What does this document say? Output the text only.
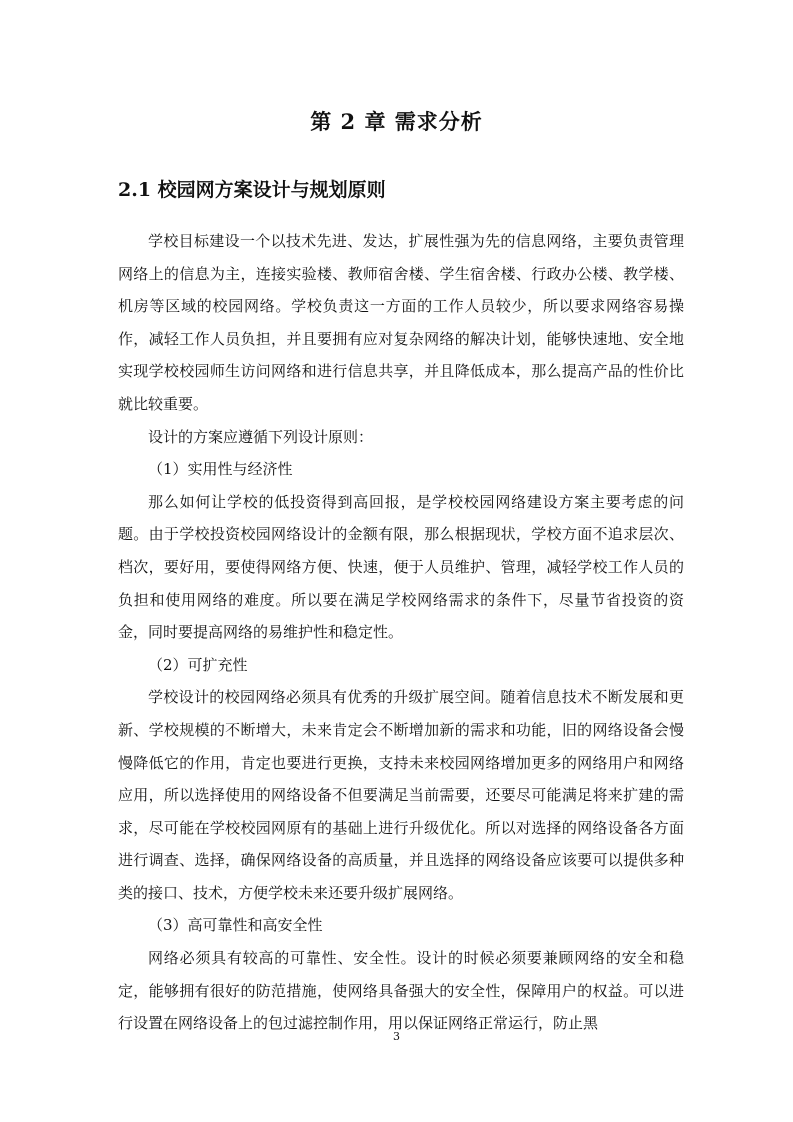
第 2 章 需求分析
2.1 校园网方案设计与规划原则

学校目标建设一个以技术先进、发达，扩展性强为先的信息网络，主要负责管理网络上的信息为主，连接实验楼、教师宿舍楼、学生宿舍楼、行政办公楼、教学楼、机房等区域的校园网络。学校负责这一方面的工作人员较少，所以要求网络容易操作，减轻工作人员负担，并且要拥有应对复杂网络的解决计划，能够快速地、安全地实现学校校园师生访问网络和进行信息共享，并且降低成本，那么提高产品的性价比就比较重要。

设计的方案应遵循下列设计原则：

（1）实用性与经济性

那么如何让学校的低投资得到高回报，是学校校园网络建设方案主要考虑的问题。由于学校投资校园网络设计的金额有限，那么根据现状，学校方面不追求层次、档次，要好用，要使得网络方便、快速，便于人员维护、管理，减轻学校工作人员的负担和使用网络的难度。所以要在满足学校网络需求的条件下，尽量节省投资的资金，同时要提高网络的易维护性和稳定性。

（2）可扩充性

学校设计的校园网络必须具有优秀的升级扩展空间。随着信息技术不断发展和更新、学校规模的不断增大，未来肯定会不断增加新的需求和功能，旧的网络设备会慢慢降低它的作用，肯定也要进行更换，支持未来校园网络增加更多的网络用户和网络应用，所以选择使用的网络设备不但要满足当前需要，还要尽可能满足将来扩建的需求，尽可能在学校校园网原有的基础上进行升级优化。所以对选择的网络设备各方面进行调查、选择，确保网络设备的高质量，并且选择的网络设备应该要可以提供多种类的接口、技术，方便学校未来还要升级扩展网络。

（3）高可靠性和高安全性

网络必须具有较高的可靠性、安全性。设计的时候必须要兼顾网络的安全和稳定，能够拥有很好的防范措施，使网络具备强大的安全性，保障用户的权益。可以进行设置在网络设备上的包过滤控制作用，用以保证网络正常运行，防止黑

3
